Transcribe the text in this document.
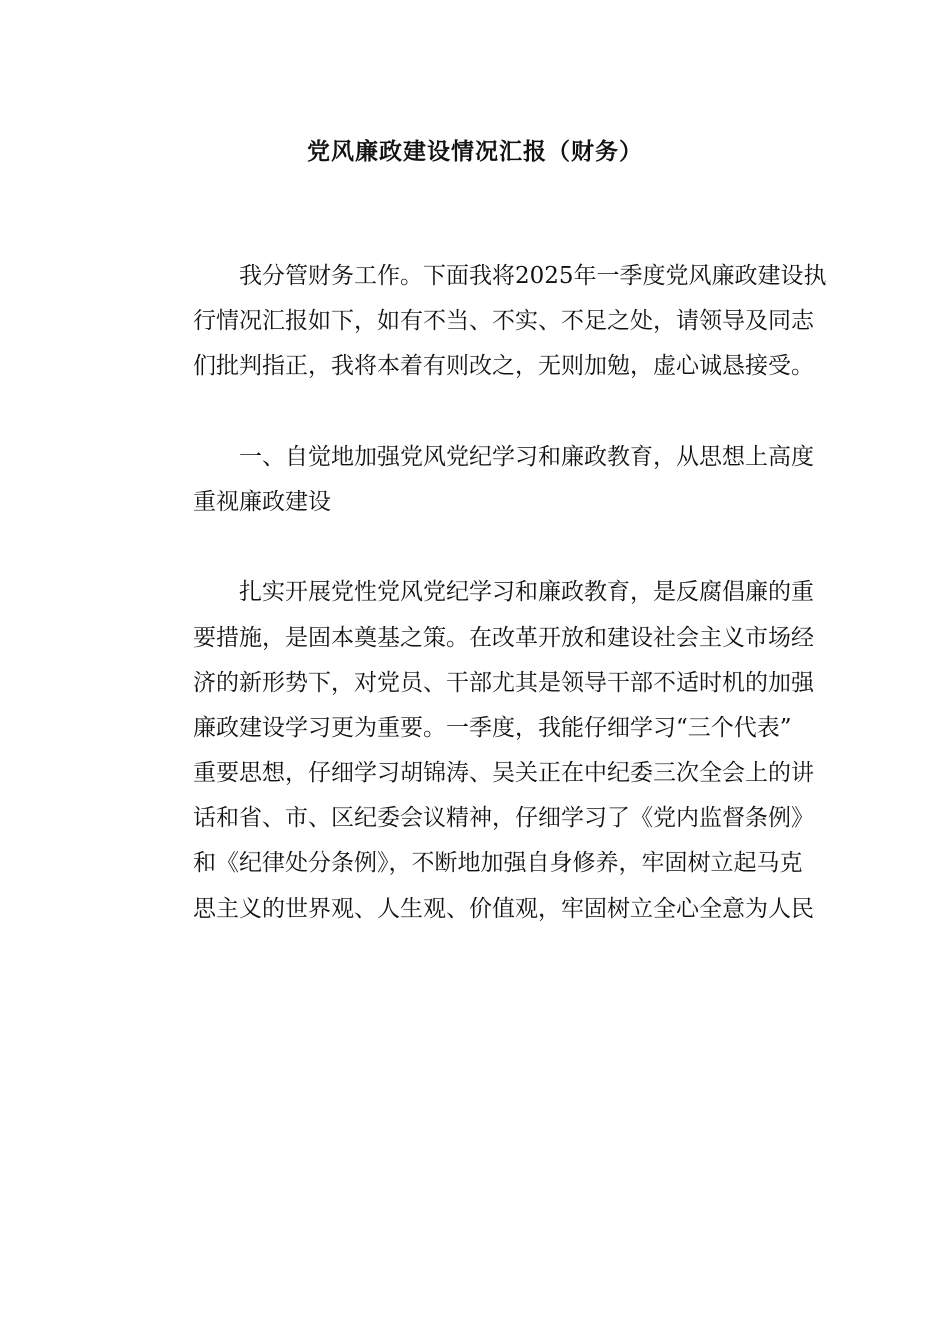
党风廉政建设情况汇报（财务）
　　我分管财务工作。下面我将2025年一季度党风廉政建设执
行情况汇报如下，如有不当、不实、不足之处，请领导及同志
们批判指正，我将本着有则改之，无则加勉，虚心诚恳接受。
　　一、自觉地加强党风党纪学习和廉政教育，从思想上高度
重视廉政建设
　　扎实开展党性党风党纪学习和廉政教育，是反腐倡廉的重
要措施，是固本奠基之策。在改革开放和建设社会主义市场经
济的新形势下，对党员、干部尤其是领导干部不适时机的加强
廉政建设学习更为重要。一季度，我能仔细学习“三个代表”
重要思想，仔细学习胡锦涛、吴关正在中纪委三次全会上的讲
话和省、市、区纪委会议精神，仔细学习了《党内监督条例》
和《纪律处分条例》，不断地加强自身修养，牢固树立起马克
思主义的世界观、人生观、价值观，牢固树立全心全意为人民
